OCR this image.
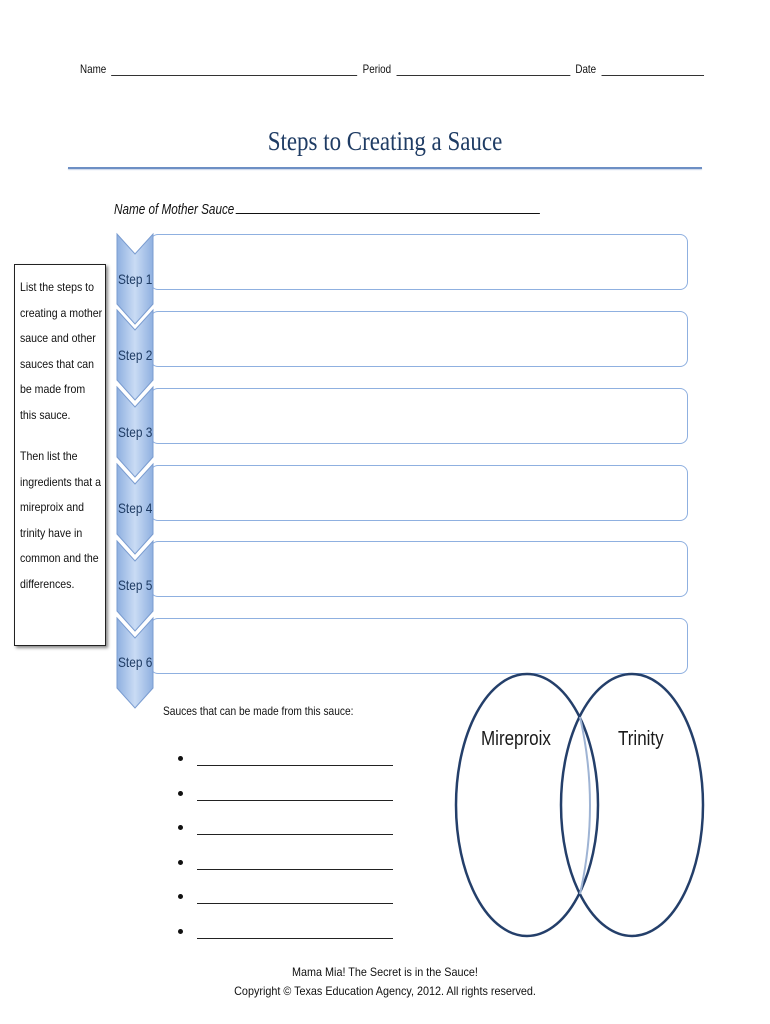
Name	Period	Date
Steps to Creating a Sauce
Name of Mother Sauce

List the steps to creating a mother sauce and other sauces that can be made from this sauce.

Then list the ingredients that a mireproix and trinity have in common and the differences.

Step 1
Step 2
Step 3
Step 4
Step 5
Step 6
Sauces that can be made from this sauce:
Mireproix	Trinity
Mama Mia! The Secret is in the Sauce!
Copyright © Texas Education Agency, 2012. All rights reserved.
